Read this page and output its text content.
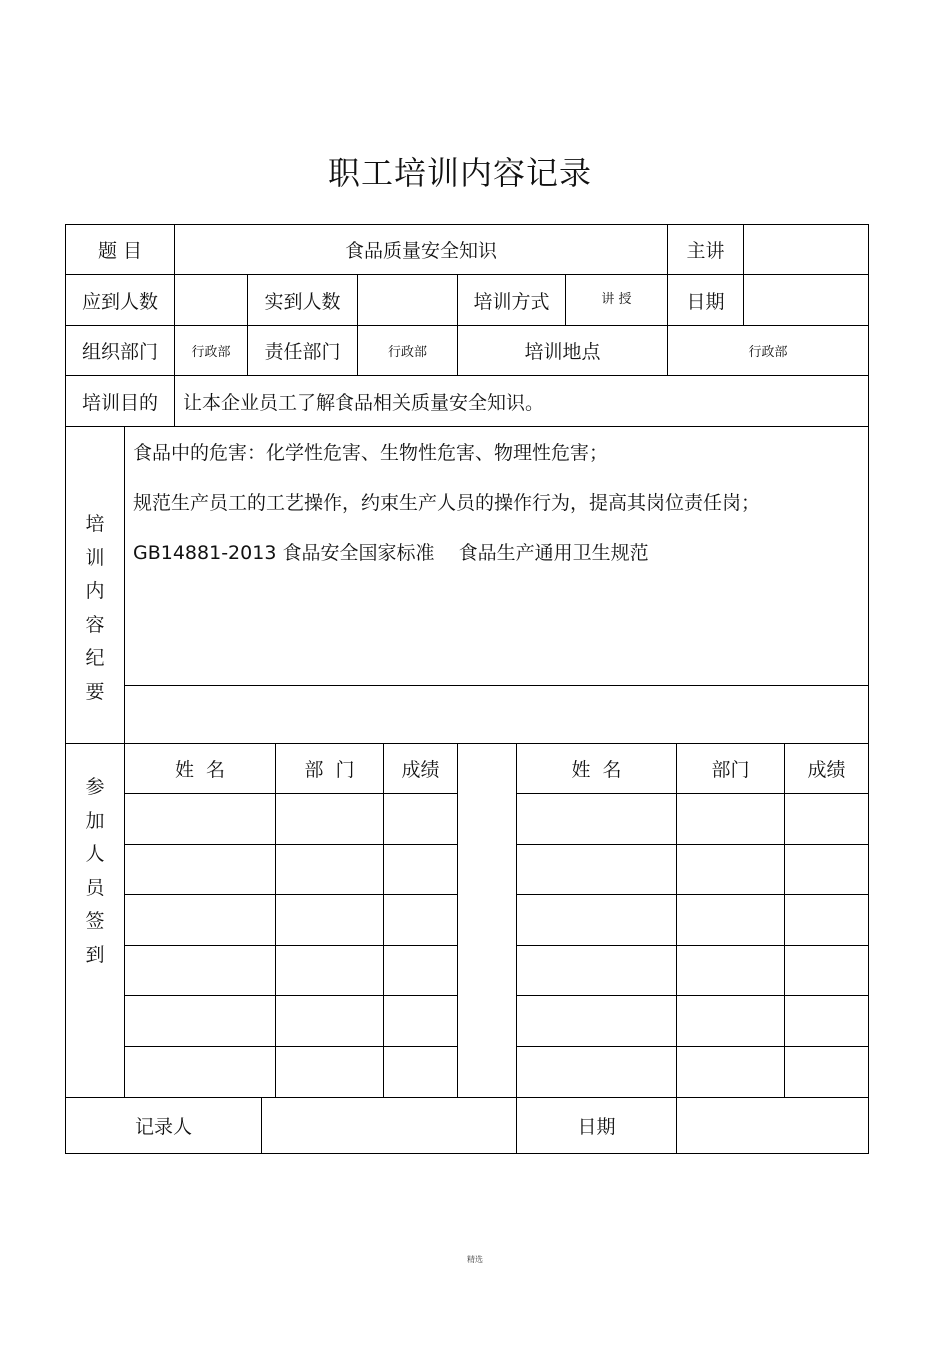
职工培训内容记录
题 目	食品质量安全知识	主讲
应到人数	实到人数	培训方式	讲 授	日期
组织部门	行政部	责任部门	行政部	培训地点	行政部
培训目的	让本企业员工了解食品相关质量安全知识。
培
训
内
容
纪
要
食品中的危害：化学性危害、生物性危害、物理性危害；
规范生产员工的工艺操作，约束生产人员的操作行为，提高其岗位责任岗；
GB14881-2013 食品安全国家标准    食品生产通用卫生规范
参
加
人
员
签
到
姓  名	部  门	成绩	姓  名	部门	成绩
记录人	日期
精选
